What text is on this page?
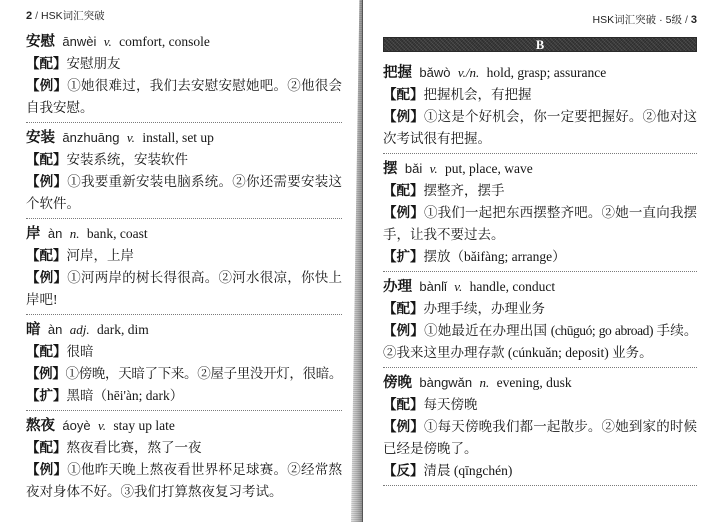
2 / HSK词汇突破
安慰 ānwèi v. comfort, console
【配】安慰朋友
【例】①她很难过，我们去安慰安慰她吧。②他很会
自我安慰。
安装 ānzhuāng v. install, set up
【配】安装系统，安装软件
【例】①我要重新安装电脑系统。②你还需要安装这
个软件。
岸 àn n. bank, coast
【配】河岸，上岸
【例】①河两岸的树长得很高。②河水很凉，你快上
岸吧!
暗 àn adj. dark, dim
【配】很暗
【例】①傍晚，天暗了下来。②屋子里没开灯，很暗。
【扩】黑暗（hēi'àn; dark）
熬夜 áoyè v. stay up late
【配】熬夜看比赛，熬了一夜
【例】①他昨天晚上熬夜看世界杯足球赛。②经常熬
夜对身体不好。③我们打算熬夜复习考试。
HSK词汇突破 · 5级 / 3
B
把握 bǎwò v./n. hold, grasp; assurance
【配】把握机会，有把握
【例】①这是个好机会，你一定要把握好。②他对这
次考试很有把握。
摆 bǎi v. put, place, wave
【配】摆整齐，摆手
【例】①我们一起把东西摆整齐吧。②她一直向我摆
手，让我不要过去。
【扩】摆放（bǎifàng; arrange）
办理 bànlǐ v. handle, conduct
【配】办理手续，办理业务
【例】①她最近在办理出国 (chūguó; go abroad) 手续。
②我来这里办理存款 (cúnkuǎn; deposit) 业务。
傍晚 bàngwǎn n. evening, dusk
【配】每天傍晚
【例】①每天傍晚我们都一起散步。②她到家的时候
已经是傍晚了。
【反】清晨 (qīngchén)
